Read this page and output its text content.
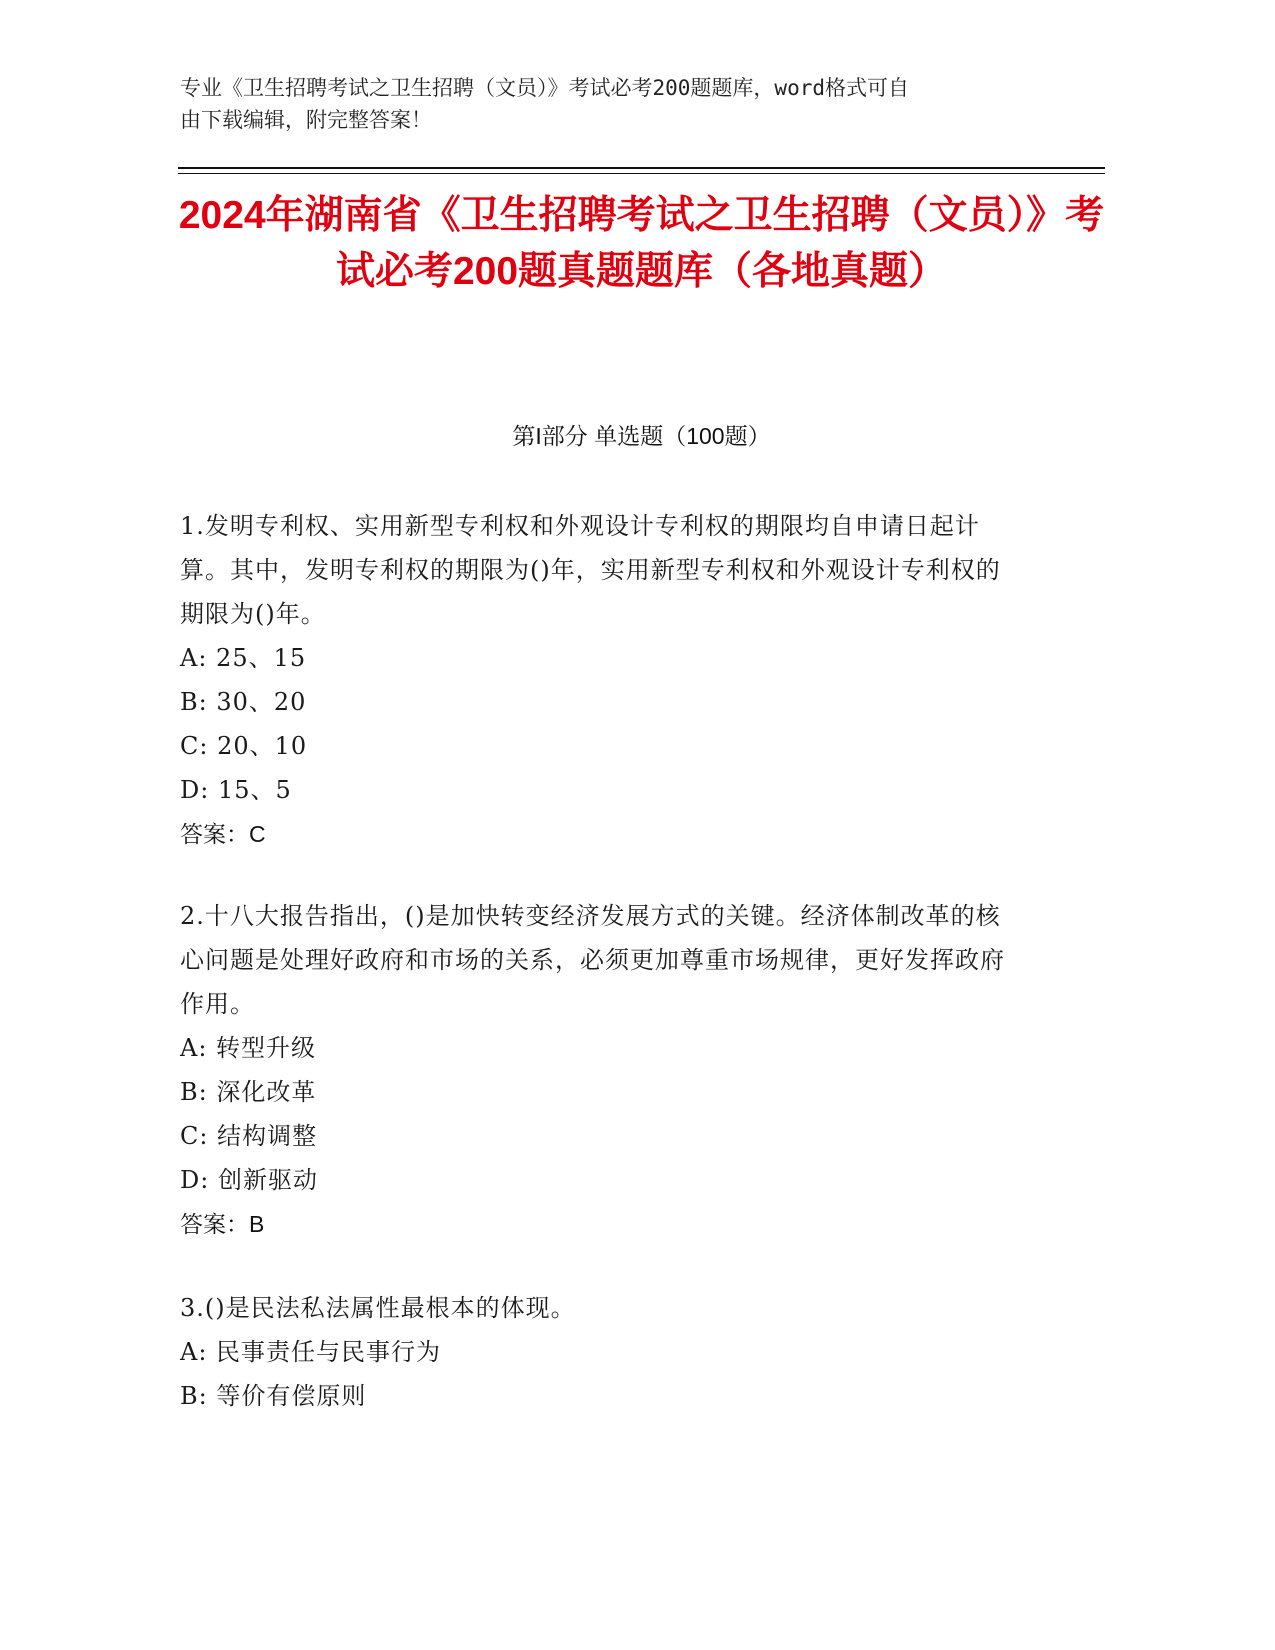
专业《卫生招聘考试之卫生招聘（文员）》考试必考200题题库，word格式可自
由下载编辑，附完整答案！
2024年湖南省《卫生招聘考试之卫生招聘（文员）》考试必考200题真题题库（各地真题）
第I部分 单选题（100题）
1.发明专利权、实用新型专利权和外观设计专利权的期限均自申请日起计算。其中，发明专利权的期限为()年，实用新型专利权和外观设计专利权的期限为()年。
A: 25、15
B: 30、20
C: 20、10
D: 15、5
答案：C
2.十八大报告指出，()是加快转变经济发展方式的关键。经济体制改革的核心问题是处理好政府和市场的关系，必须更加尊重市场规律，更好发挥政府作用。
A: 转型升级
B: 深化改革
C: 结构调整
D: 创新驱动
答案：B
3.()是民法私法属性最根本的体现。
A: 民事责任与民事行为
B: 等价有偿原则
